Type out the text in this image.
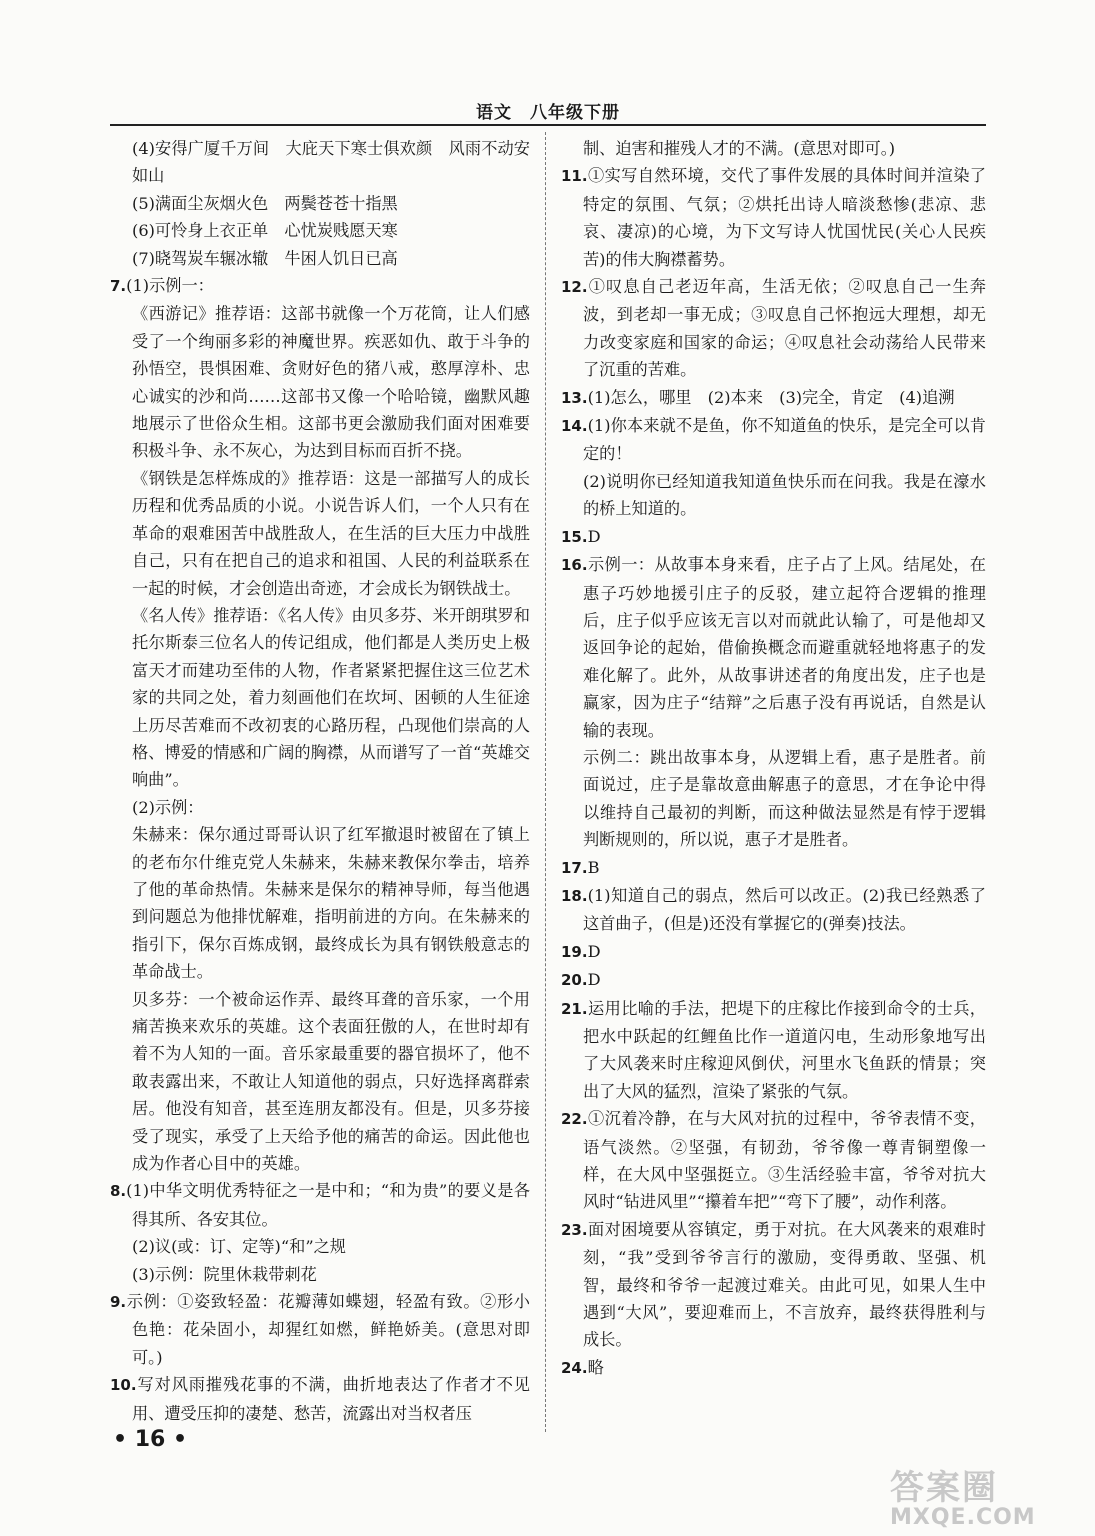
语文　八年级下册

(4)安得广厦千万间　大庇天下寒士俱欢颜　风雨不动安如山

(5)满面尘灰烟火色　两鬓苍苍十指黑

(6)可怜身上衣正单　心忧炭贱愿天寒

(7)晓驾炭车辗冰辙　牛困人饥日已高

7.(1)示例一：

《西游记》推荐语：这部书就像一个万花筒，让人们感受了一个绚丽多彩的神魔世界。疾恶如仇、敢于斗争的孙悟空，畏惧困难、贪财好色的猪八戒，憨厚淳朴、忠心诚实的沙和尚……这部书又像一个哈哈镜，幽默风趣地展示了世俗众生相。这部书更会激励我们面对困难要积极斗争、永不灰心，为达到目标而百折不挠。

《钢铁是怎样炼成的》推荐语：这是一部描写人的成长历程和优秀品质的小说。小说告诉人们，一个人只有在革命的艰难困苦中战胜敌人，在生活的巨大压力中战胜自己，只有在把自己的追求和祖国、人民的利益联系在一起的时候，才会创造出奇迹，才会成长为钢铁战士。

《名人传》推荐语：《名人传》由贝多芬、米开朗琪罗和托尔斯泰三位名人的传记组成，他们都是人类历史上极富天才而建功至伟的人物，作者紧紧把握住这三位艺术家的共同之处，着力刻画他们在坎坷、困顿的人生征途上历尽苦难而不改初衷的心路历程，凸现他们崇高的人格、博爱的情感和广阔的胸襟，从而谱写了一首“英雄交响曲”。

(2)示例：

朱赫来：保尔通过哥哥认识了红军撤退时被留在了镇上的老布尔什维克党人朱赫来，朱赫来教保尔拳击，培养了他的革命热情。朱赫来是保尔的精神导师，每当他遇到问题总为他排忧解难，指明前进的方向。在朱赫来的指引下，保尔百炼成钢，最终成长为具有钢铁般意志的革命战士。

贝多芬：一个被命运作弄、最终耳聋的音乐家，一个用痛苦换来欢乐的英雄。这个表面狂傲的人，在世时却有着不为人知的一面。音乐家最重要的器官损坏了，他不敢表露出来，不敢让人知道他的弱点，只好选择离群索居。他没有知音，甚至连朋友都没有。但是，贝多芬接受了现实，承受了上天给予他的痛苦的命运。因此他也成为作者心目中的英雄。

8.(1)中华文明优秀特征之一是中和；“和为贵”的要义是各得其所、各安其位。

(2)议(或：订、定等)“和”之规

(3)示例：院里休栽带刺花

9.示例：①姿致轻盈：花瓣薄如蝶翅，轻盈有致。②形小色艳：花朵固小，却猩红如燃，鲜艳娇美。(意思对即可。)

10.写对风雨摧残花事的不满，曲折地表达了作者才不见用、遭受压抑的凄楚、愁苦，流露出对当权者压

制、迫害和摧残人才的不满。(意思对即可。)

11.①实写自然环境，交代了事件发展的具体时间并渲染了特定的氛围、气氛；②烘托出诗人暗淡愁惨(悲凉、悲哀、凄凉)的心境，为下文写诗人忧国忧民(关心人民疾苦)的伟大胸襟蓄势。

12.①叹息自己老迈年高，生活无依；②叹息自己一生奔波，到老却一事无成；③叹息自己怀抱远大理想，却无力改变家庭和国家的命运；④叹息社会动荡给人民带来了沉重的苦难。

13.(1)怎么，哪里　(2)本来　(3)完全，肯定　(4)追溯

14.(1)你本来就不是鱼，你不知道鱼的快乐，是完全可以肯定的！

(2)说明你已经知道我知道鱼快乐而在问我。我是在濠水的桥上知道的。

15.D

16.示例一：从故事本身来看，庄子占了上风。结尾处，在惠子巧妙地援引庄子的反驳，建立起符合逻辑的推理后，庄子似乎应该无言以对而就此认输了，可是他却又返回争论的起始，借偷换概念而避重就轻地将惠子的发难化解了。此外，从故事讲述者的角度出发，庄子也是赢家，因为庄子“结辩”之后惠子没有再说话，自然是认输的表现。

示例二：跳出故事本身，从逻辑上看，惠子是胜者。前面说过，庄子是靠故意曲解惠子的意思，才在争论中得以维持自己最初的判断，而这种做法显然是有悖于逻辑判断规则的，所以说，惠子才是胜者。

17.B

18.(1)知道自己的弱点，然后可以改正。(2)我已经熟悉了这首曲子，(但是)还没有掌握它的(弹奏)技法。

19.D

20.D

21.运用比喻的手法，把堤下的庄稼比作接到命令的士兵，把水中跃起的红鲤鱼比作一道道闪电，生动形象地写出了大风袭来时庄稼迎风倒伏，河里水飞鱼跃的情景；突出了大风的猛烈，渲染了紧张的气氛。

22.①沉着冷静，在与大风对抗的过程中，爷爷表情不变，语气淡然。②坚强，有韧劲，爷爷像一尊青铜塑像一样，在大风中坚强挺立。③生活经验丰富，爷爷对抗大风时“钻进风里”“攥着车把”“弯下了腰”，动作利落。

23.面对困境要从容镇定，勇于对抗。在大风袭来的艰难时刻，“我”受到爷爷言行的激励，变得勇敢、坚强、机智，最终和爷爷一起渡过难关。由此可见，如果人生中遇到“大风”，要迎难而上，不言放弃，最终获得胜利与成长。

24.略

• 16 •
答案圈
MXQE.COM
